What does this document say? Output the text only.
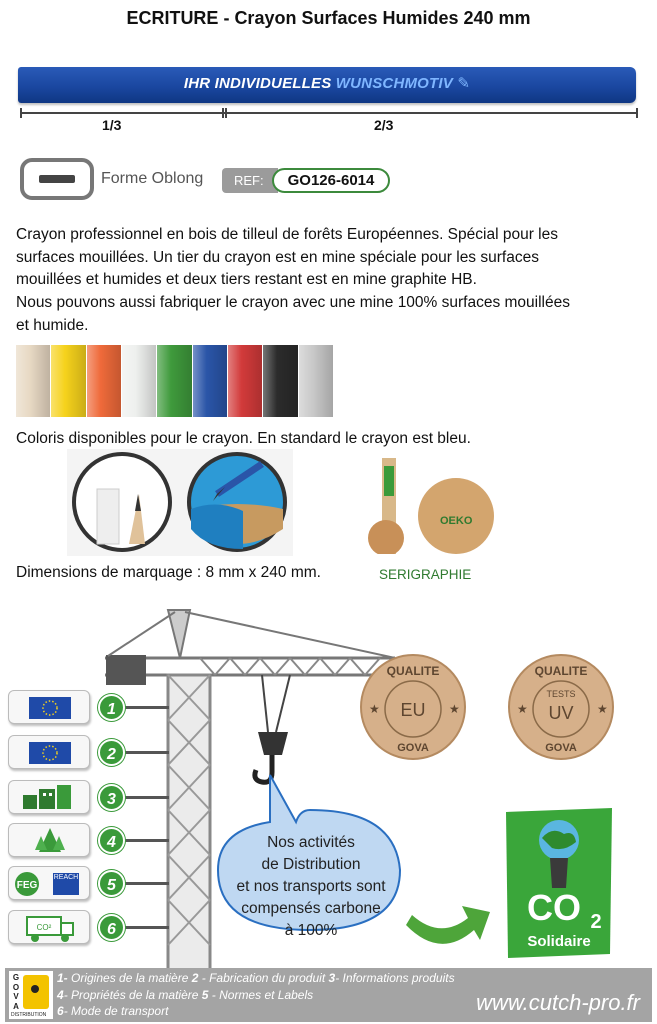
ECRITURE - Crayon Surfaces Humides 240 mm
IHR INDIVIDUELLES WUNSCHMOTIV ✎
1/3	2/3
Forme Oblong	REF:	GO126-6014
Crayon professionnel en bois de tilleul de forêts Européennes. Spécial pour les
surfaces mouillées. Un tier du crayon est en mine spéciale pour les surfaces
mouillées et humides et deux tiers restant est en mine graphite HB.
Nous pouvons aussi fabriquer le crayon avec une mine 100% surfaces mouillées
et humide.
Coloris disponibles pour le crayon. En standard le crayon est bleu.
OEKO
Dimensions de marquage : 8 mm x 240 mm.	SERIGRAPHIE
QUALITE
EU
GOVA
★	★
QUALITE
TESTS
UV
GOVA
★	★
1
2
3
4
FEG
REACH	5
CO²	6
Nos activités
de Distribution
et nos transports sont
compensés carbone
à 100%
CO 2
Solidaire
G
O
V
A
DISTRIBUTION
1- Origines de la matière 2 - Fabrication du produit 3- Informations produits
4- Propriétés de la matière 5 - Normes et Labels
6- Mode de transport	www.cutch-pro.fr
